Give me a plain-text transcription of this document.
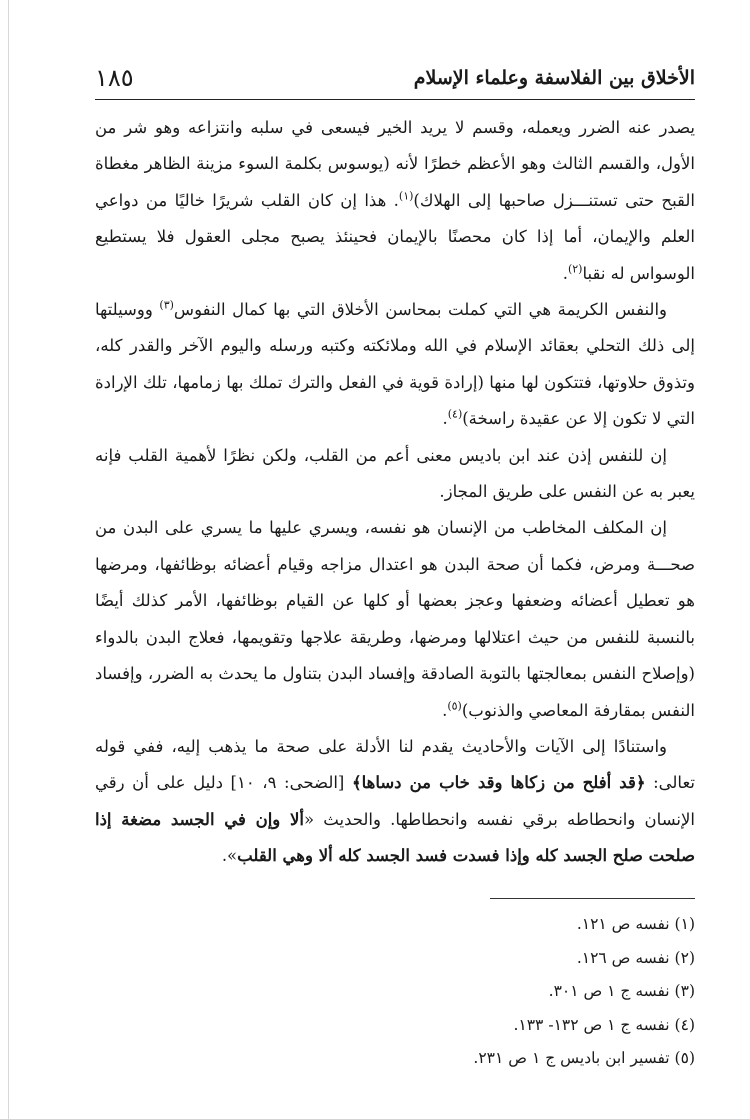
١٨٥	الأخلاق بين الفلاسفة وعلماء الإسلام

يصدر عنه الضرر ويعمله، وقسم لا يريد الخير فيسعى في سلبه وانتزاعه وهو شر من الأول، والقسم الثالث وهو الأعظم خطرًا لأنه (يوسوس بكلمة السوء مزينة الظاهر مغطاة القبح حتى تستنـــزل صاحبها إلى الهلاك)$^{(١)}$. هذا إن كان القلب شريرًا خاليًا من دواعي العلم والإيمان، أما إذا كان محصنًا بالإيمان فحينئذ يصبح مجلى العقول فلا يستطيع الوسواس له نقبا$^{(٢)}$.

والنفس الكريمة هي التي كملت بمحاسن الأخلاق التي بها كمال النفوس$^{(٣)}$ ووسيلتها إلى ذلك التحلي بعقائد الإسلام في الله وملائكته وكتبه ورسله واليوم الآخر والقدر كله، وتذوق حلاوتها، فتتكون لها منها (إرادة قوية في الفعل والترك تملك بها زمامها، تلك الإرادة التي لا تكون إلا عن عقيدة راسخة)$^{(٤)}$.

إن للنفس إذن عند ابن باديس معنى أعم من القلب، ولكن نظرًا لأهمية القلب فإنه يعبر به عن النفس على طريق المجاز.

إن المكلف المخاطب من الإنسان هو نفسه، ويسري عليها ما يسري على البدن من صحـــة ومرض، فكما أن صحة البدن هو اعتدال مزاجه وقيام أعضائه بوظائفها، ومرضها هو تعطيل أعضائه وضعفها وعجز بعضها أو كلها عن القيام بوظائفها، الأمر كذلك أيضًا بالنسبة للنفس من حيث اعتلالها ومرضها، وطريقة علاجها وتقويمها، فعلاج البدن بالدواء (وإصلاح النفس بمعالجتها بالتوبة الصادقة وإفساد البدن بتناول ما يحدث به الضرر، وإفساد النفس بمقارفة المعاصي والذنوب)$^{(٥)}$.

واستنادًا إلى الآيات والأحاديث يقدم لنا الأدلة على صحة ما يذهب إليه، ففي قوله تعالى: ﴿قد أفلح من زكاها وقد خاب من دساها﴾ [الضحى: ٩، ١٠] دليل على أن رقي الإنسان وانحطاطه برقي نفسه وانحطاطها. والحديث «ألا وإن في الجسد مضغة إذا صلحت صلح الجسد كله وإذا فسدت فسد الجسد كله ألا وهي القلب».

(١) نفسه ص ١٢١.

(٢) نفسه ص ١٢٦.

(٣) نفسه ج ١ ص ٣٠١.

(٤) نفسه ج ١ ص ١٣٢- ١٣٣.

(٥) تفسير ابن باديس ج ١ ص ٢٣١.
